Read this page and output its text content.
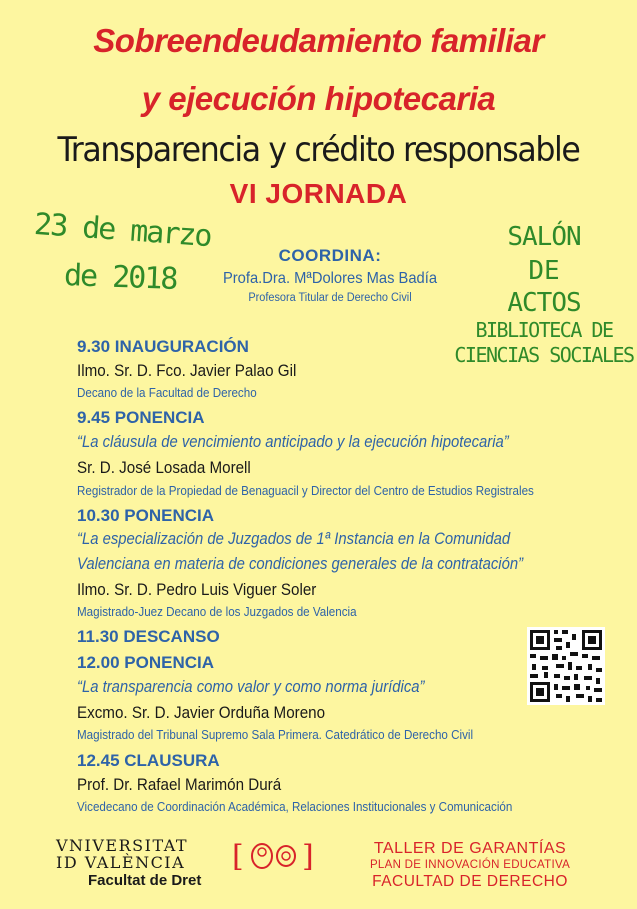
Sobreendeudamiento familiar
y ejecución hipotecaria
Transparencia y crédito responsable
VI JORNADA
23 de marzo
de 2018
SALÓN
DE
ACTOS
BIBLIOTECA DE
CIENCIAS SOCIALES
COORDINA:
Profa.Dra. MªDolores Mas Badía
Profesora Titular de Derecho Civil
9.30 INAUGURACIÓN
Ilmo. Sr. D. Fco. Javier Palao Gil
Decano de la Facultad de Derecho
9.45 PONENCIA
“La cláusula de vencimiento anticipado y la ejecución hipotecaria”
Sr. D. José Losada Morell
Registrador de la Propiedad de Benaguacil y Director del Centro de Estudios Registrales
10.30 PONENCIA
“La especialización de Juzgados de 1ª Instancia en la Comunidad
Valenciana en materia de condiciones generales de la contratación”
Ilmo. Sr. D. Pedro Luis Viguer Soler
Magistrado-Juez Decano de los Juzgados de Valencia
11.30 DESCANSO
12.00 PONENCIA
“La transparencia como valor y como norma jurídica”
Excmo. Sr. D. Javier Orduña Moreno
Magistrado del Tribunal Supremo Sala Primera. Catedrático de Derecho Civil
12.45 CLAUSURA
Prof. Dr. Rafael Marimón Durá
Vicedecano de Coordinación Académica, Relaciones Institucionales y Comunicación
VNIVERSITAT
ID VALÈNCIA
Facultat de Dret
[ ]	TALLER DE GARANTÍAS
PLAN DE INNOVACIÓN EDUCATIVA
FACULTAD DE DERECHO
